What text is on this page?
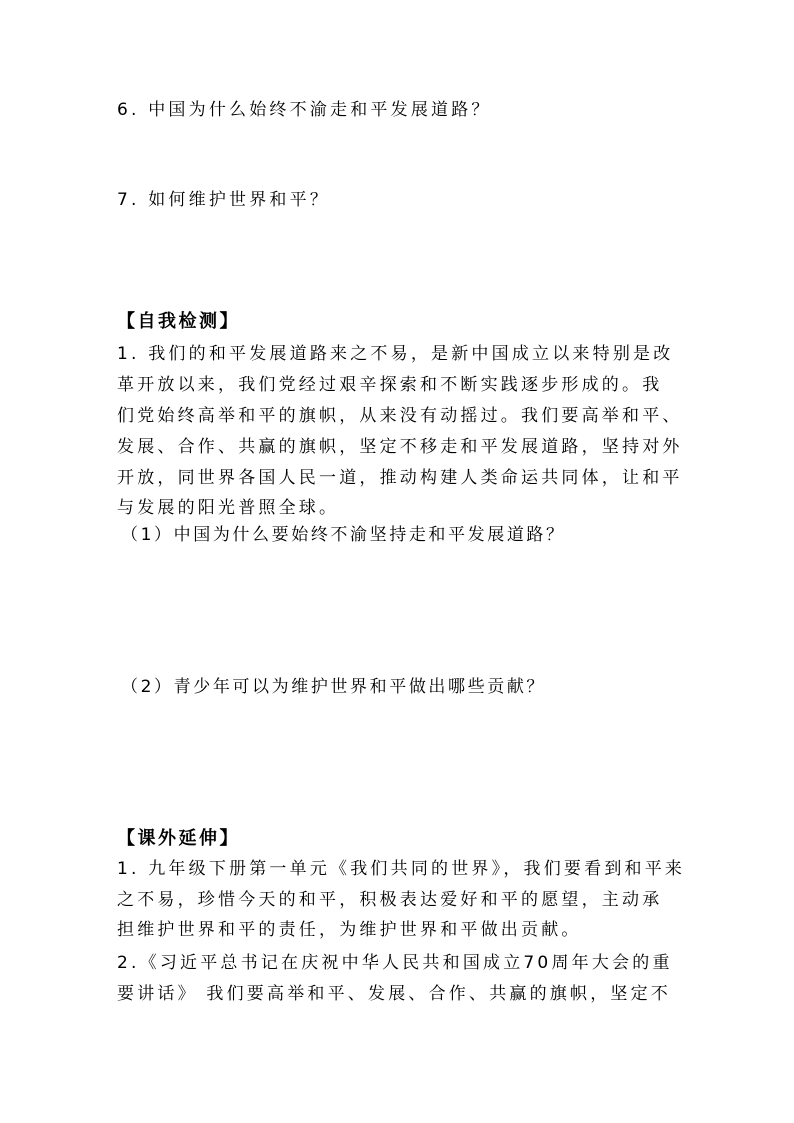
6. 中国为什么始终不渝走和平发展道路？
7. 如何维护世界和平？
【自我检测】
1. 我们的和平发展道路来之不易，是新中国成立以来特别是改
革开放以来，我们党经过艰辛探索和不断实践逐步形成的。我
们党始终高举和平的旗帜，从来没有动摇过。我们要高举和平、
发展、合作、共赢的旗帜，坚定不移走和平发展道路，坚持对外
开放，同世界各国人民一道，推动构建人类命运共同体，让和平
与发展的阳光普照全球。
（1）中国为什么要始终不渝坚持走和平发展道路？
（2）青少年可以为维护世界和平做出哪些贡献？
【课外延伸】
1. 九年级下册第一单元《我们共同的世界》，我们要看到和平来
之不易，珍惜今天的和平，积极表达爱好和平的愿望，主动承
担维护世界和平的责任，为维护世界和平做出贡献。
2.《习近平总书记在庆祝中华人民共和国成立70周年大会的重
要讲话》 我们要高举和平、发展、合作、共赢的旗帜，坚定不
